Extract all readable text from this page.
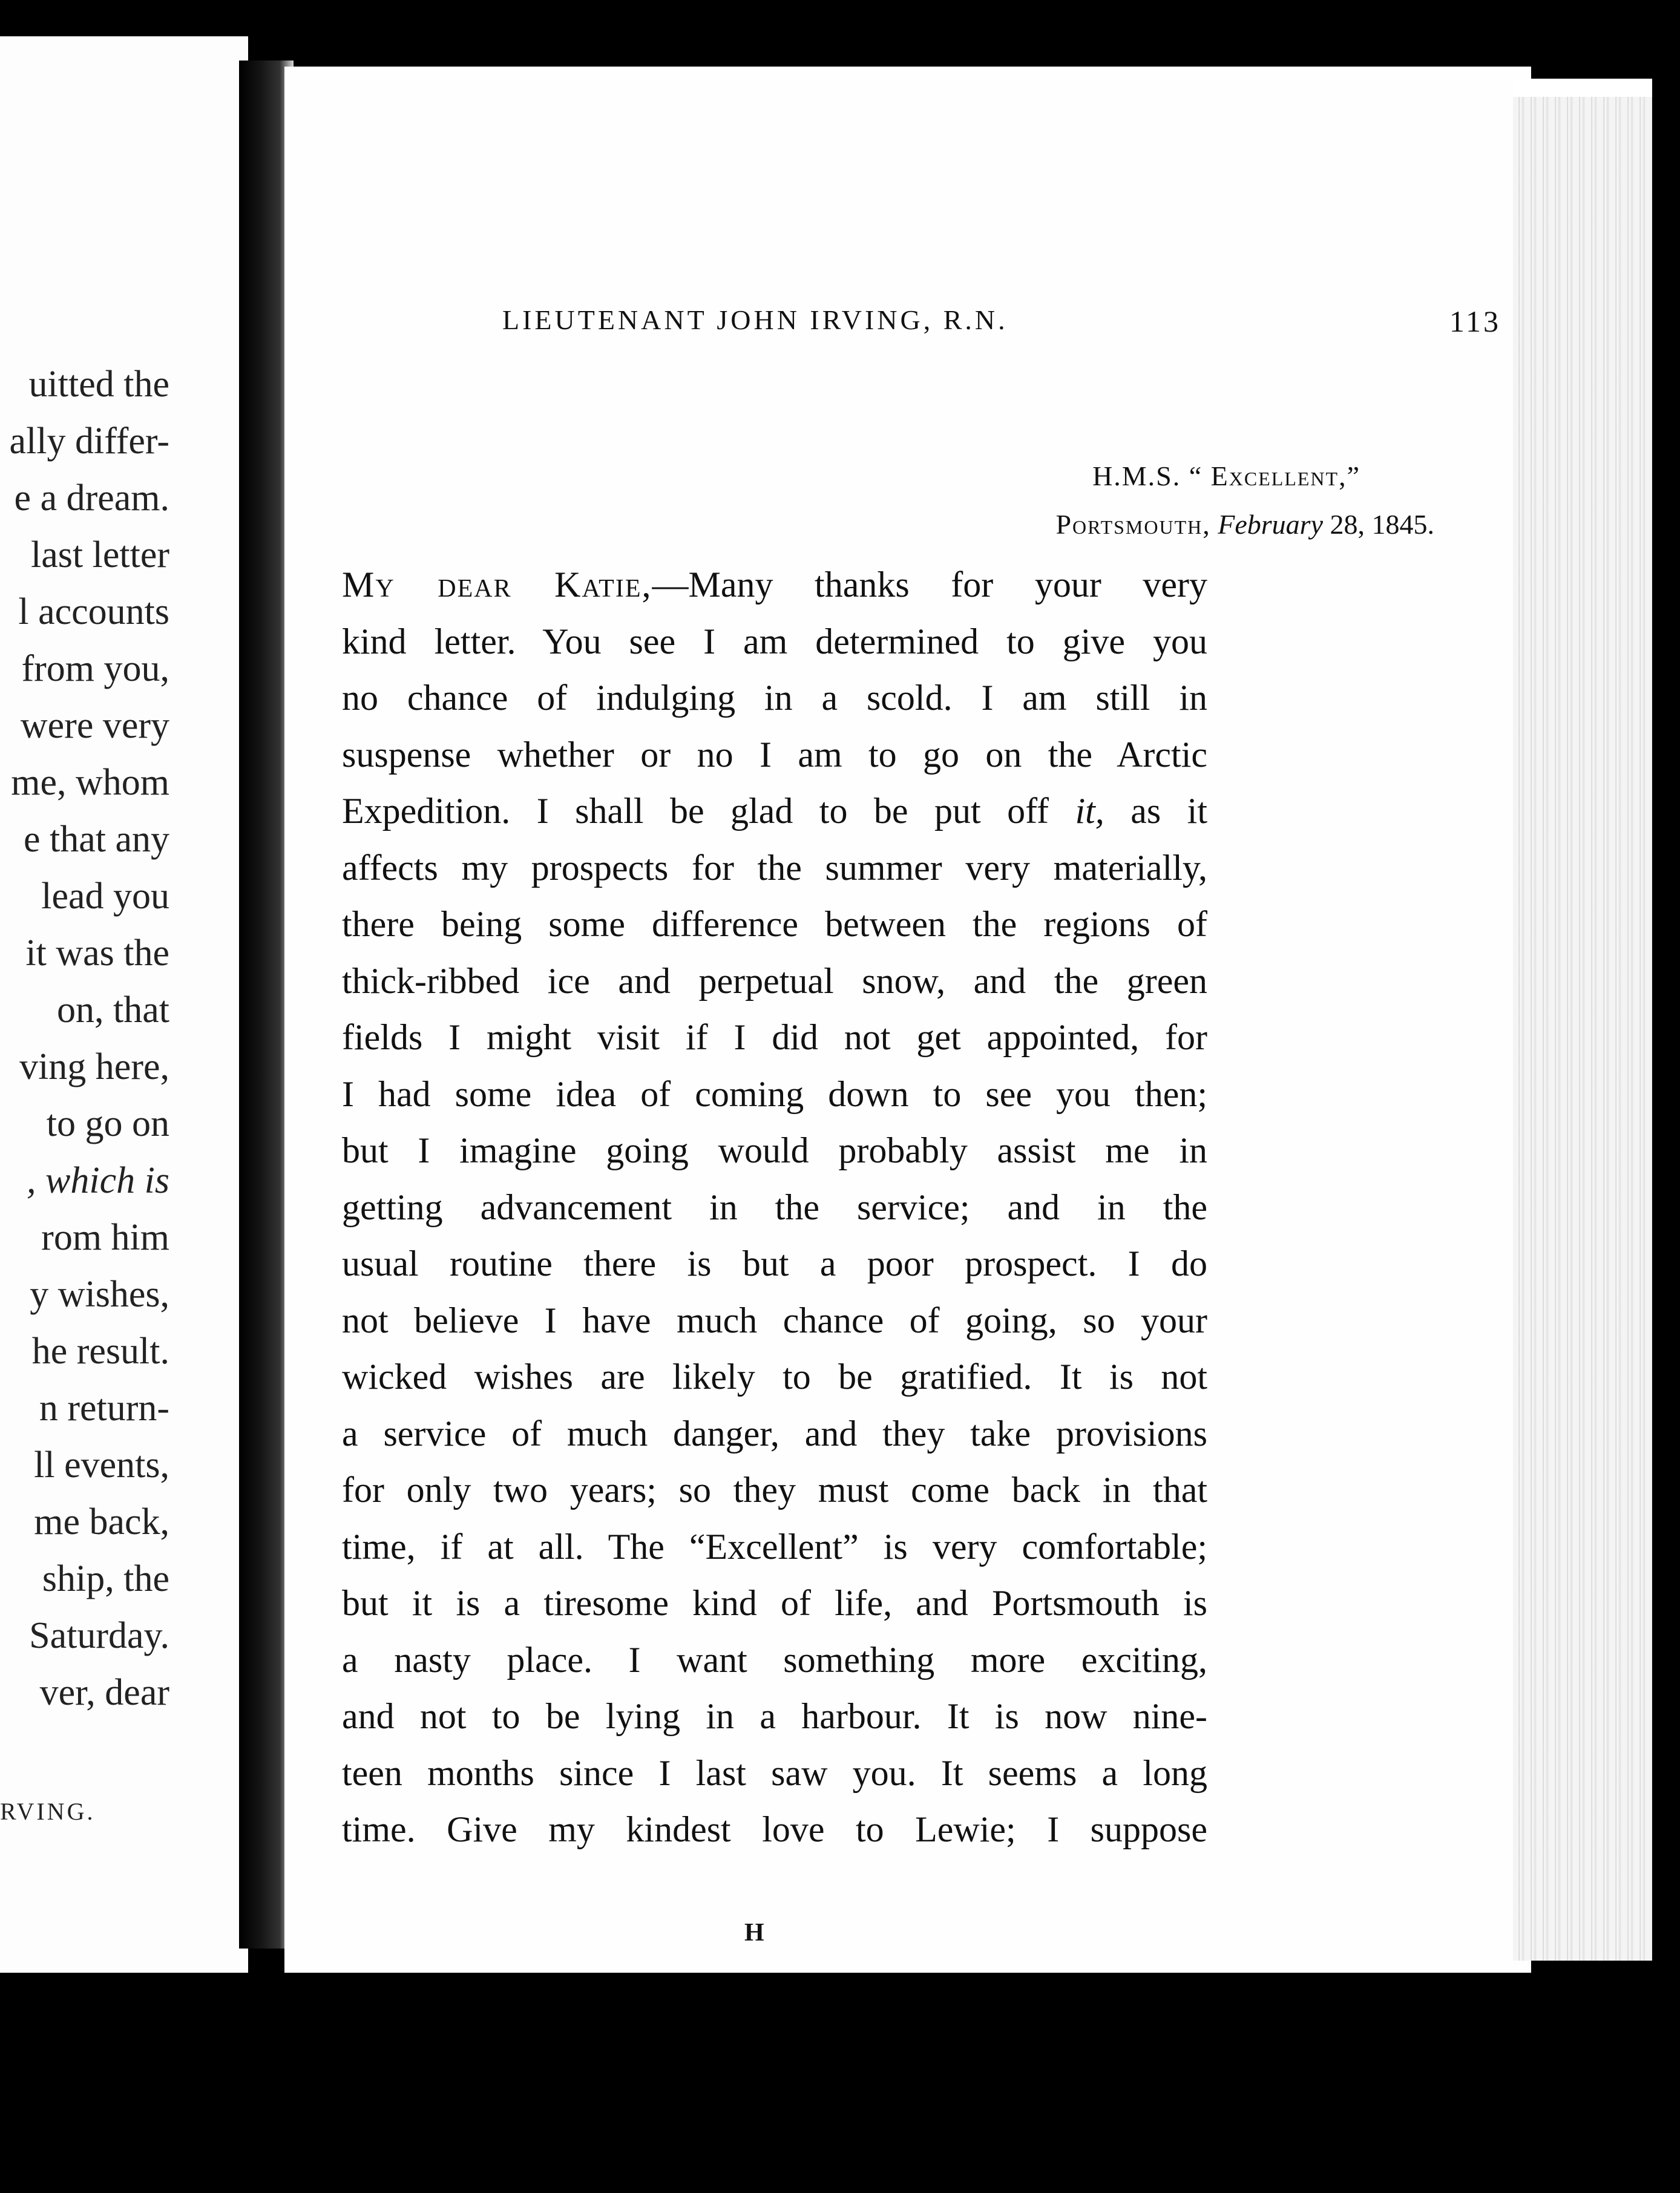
RVING.
uitted the
ally differ-
e a dream.
last letter
l accounts
from you,
were very
me, whom
e that any
lead you
it was the
on, that
ving here,
to go on
, which is
rom him
y wishes,
he result.
n return-
ll events,
me back,
ship, the
Saturday.
ver, dear
LIEUTENANT JOHN IRVING, R.N.	113
H.M.S. “ Excellent,”
Portsmouth, February 28, 1845.
My dear Katie,—Many thanks for your very
kind letter. You see I am determined to give you
no chance of indulging in a scold. I am still in
suspense whether or no I am to go on the Arctic
Expedition. I shall be glad to be put off it, as it
affects my prospects for the summer very materially,
there being some difference between the regions of
thick-ribbed ice and perpetual snow, and the green
fields I might visit if I did not get appointed, for
I had some idea of coming down to see you then;
but I imagine going would probably assist me in
getting advancement in the service; and in the
usual routine there is but a poor prospect. I do
not believe I have much chance of going, so your
wicked wishes are likely to be gratified. It is not
a service of much danger, and they take provisions
for only two years; so they must come back in that
time, if at all. The “Excellent” is very comfortable;
but it is a tiresome kind of life, and Portsmouth is
a nasty place. I want something more exciting,
and not to be lying in a harbour. It is now nine-
teen months since I last saw you. It seems a long
time. Give my kindest love to Lewie; I suppose
H
